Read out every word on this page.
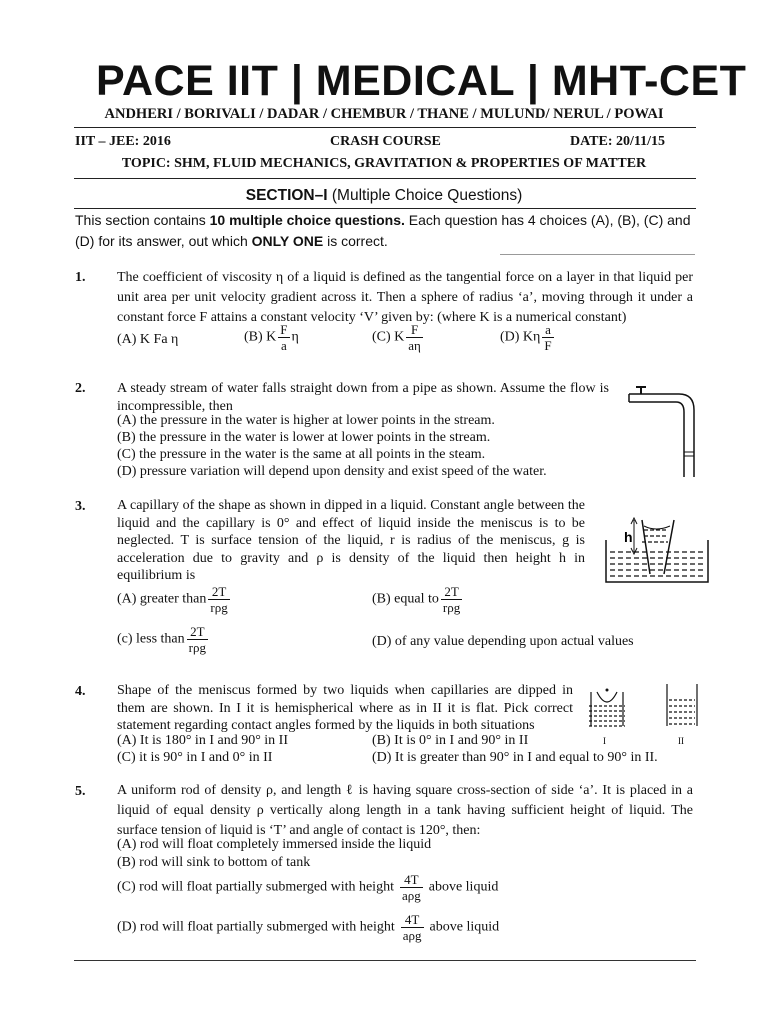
PACE IIT | MEDICAL | MHT-CET
ANDHERI / BORIVALI / DADAR / CHEMBUR / THANE / MULUND/ NERUL / POWAI
IIT – JEE: 2016	CRASH COURSE	DATE: 20/11/15
TOPIC: SHM, FLUID MECHANICS, GRAVITATION & PROPERTIES OF MATTER
SECTION–I (Multiple Choice Questions)
This section contains 10 multiple choice questions. Each question has 4 choices (A), (B), (C) and (D) for its answer, out which ONLY ONE is correct.
1. The coefficient of viscosity η of a liquid is defined as the tangential force on a layer in that liquid per unit area per unit velocity gradient across it. Then a sphere of radius ‘a’, moving through it under a constant force F attains a constant velocity ‘V’ given by: (where K is a numerical constant)
(A) K Fa η	(B) K $\frac{F}{a}$ η	(C) K $\frac{F}{a\eta}$	(D) Kη $\frac{a}{F}$
2. A steady stream of water falls straight down from a pipe as shown. Assume the flow is incompressible, then
(A) the pressure in the water is higher at lower points in the stream.
(B) the pressure in the water is lower at lower points in the stream.
(C) the pressure in the water is the same at all points in the steam.
(D) pressure variation will depend upon density and exist speed of the water.
3. A capillary of the shape as shown in dipped in a liquid. Constant angle between the liquid and the capillary is 0° and effect of liquid inside the meniscus is to be neglected. T is surface tension of the liquid, r is radius of the meniscus, g is acceleration due to gravity and ρ is density of the liquid then height h in equilibrium is
(A) greater than $\frac{2T}{\text{rρg}}$	(B) equal to $\frac{2T}{\text{rρg}}$
(c) less than $\frac{2T}{\text{rρg}}$	(D) of any value depending upon actual values
h
4. Shape of the meniscus formed by two liquids when capillaries are dipped in them are shown. In I it is hemispherical where as in II it is flat. Pick correct statement regarding contact angles formed by the liquids in both situations
(A) It is 180° in I and 90° in II	(B) It is 0° in I and 90° in II
(C) it is 90° in I and 0° in II	(D) It is greater than 90° in I and equal to 90° in II.
I	II
5. A uniform rod of density ρ, and length ℓ is having square cross-section of side ‘a’. It is placed in a liquid of equal density ρ vertically along length in a tank having sufficient height of liquid. The surface tension of liquid is ‘T’ and angle of contact is 120°, then:
(A) rod will float completely immersed inside the liquid
(B) rod will sink to bottom of tank
(C) rod will float partially submerged with height $\frac{4T}{\text{aρg}}$ above liquid
(D) rod will float partially submerged with height $\frac{4T}{\text{aρg}}$ above liquid
